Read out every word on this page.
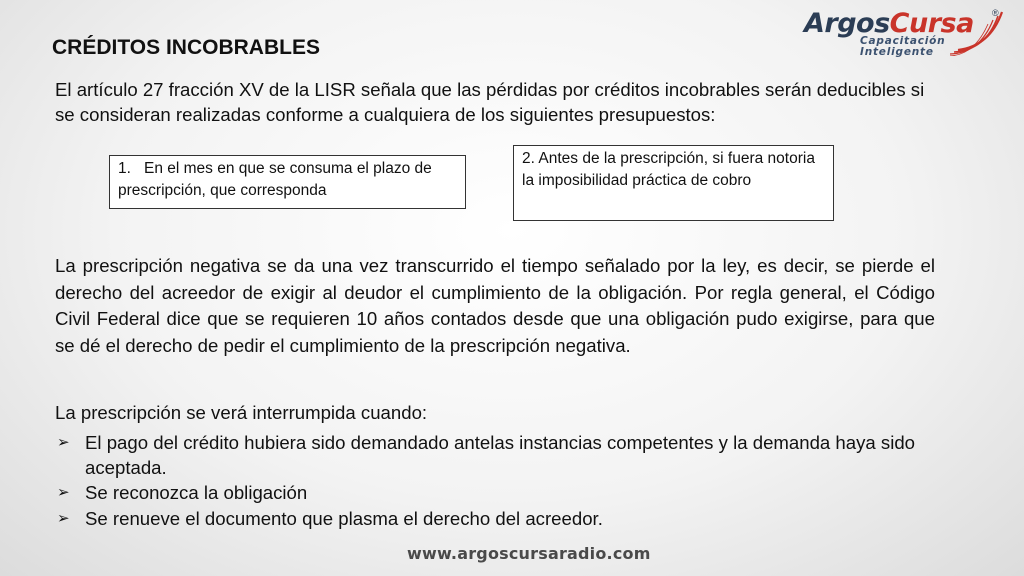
ArgosCursa ®
Capacitación
Inteligente
CRÉDITOS INCOBRABLES

El artículo 27 fracción XV de la LISR señala que las pérdidas por créditos incobrables serán deducibles si se consideran realizadas conforme a cualquiera de los siguientes presupuestos:

1. En el mes en que se consuma el plazo de prescripción, que corresponda
2. Antes de la prescripción, si fuera notoria la imposibilidad práctica de cobro

La prescripción negativa se da una vez transcurrido el tiempo señalado por la ley, es decir, se pierde el derecho del acreedor de exigir al deudor el cumplimiento de la obligación. Por regla general, el Código Civil Federal dice que se requieren 10 años contados desde que una obligación pudo exigirse, para que se dé el derecho de pedir el cumplimiento de la prescripción negativa.

La prescripción se verá interrumpida cuando:

➢ El pago del crédito hubiera sido demandado antelas instancias competentes y la demanda haya sido aceptada.
➢ Se reconozca la obligación
➢ Se renueve el documento que plasma el derecho del acreedor.
www.argoscursaradio.com
